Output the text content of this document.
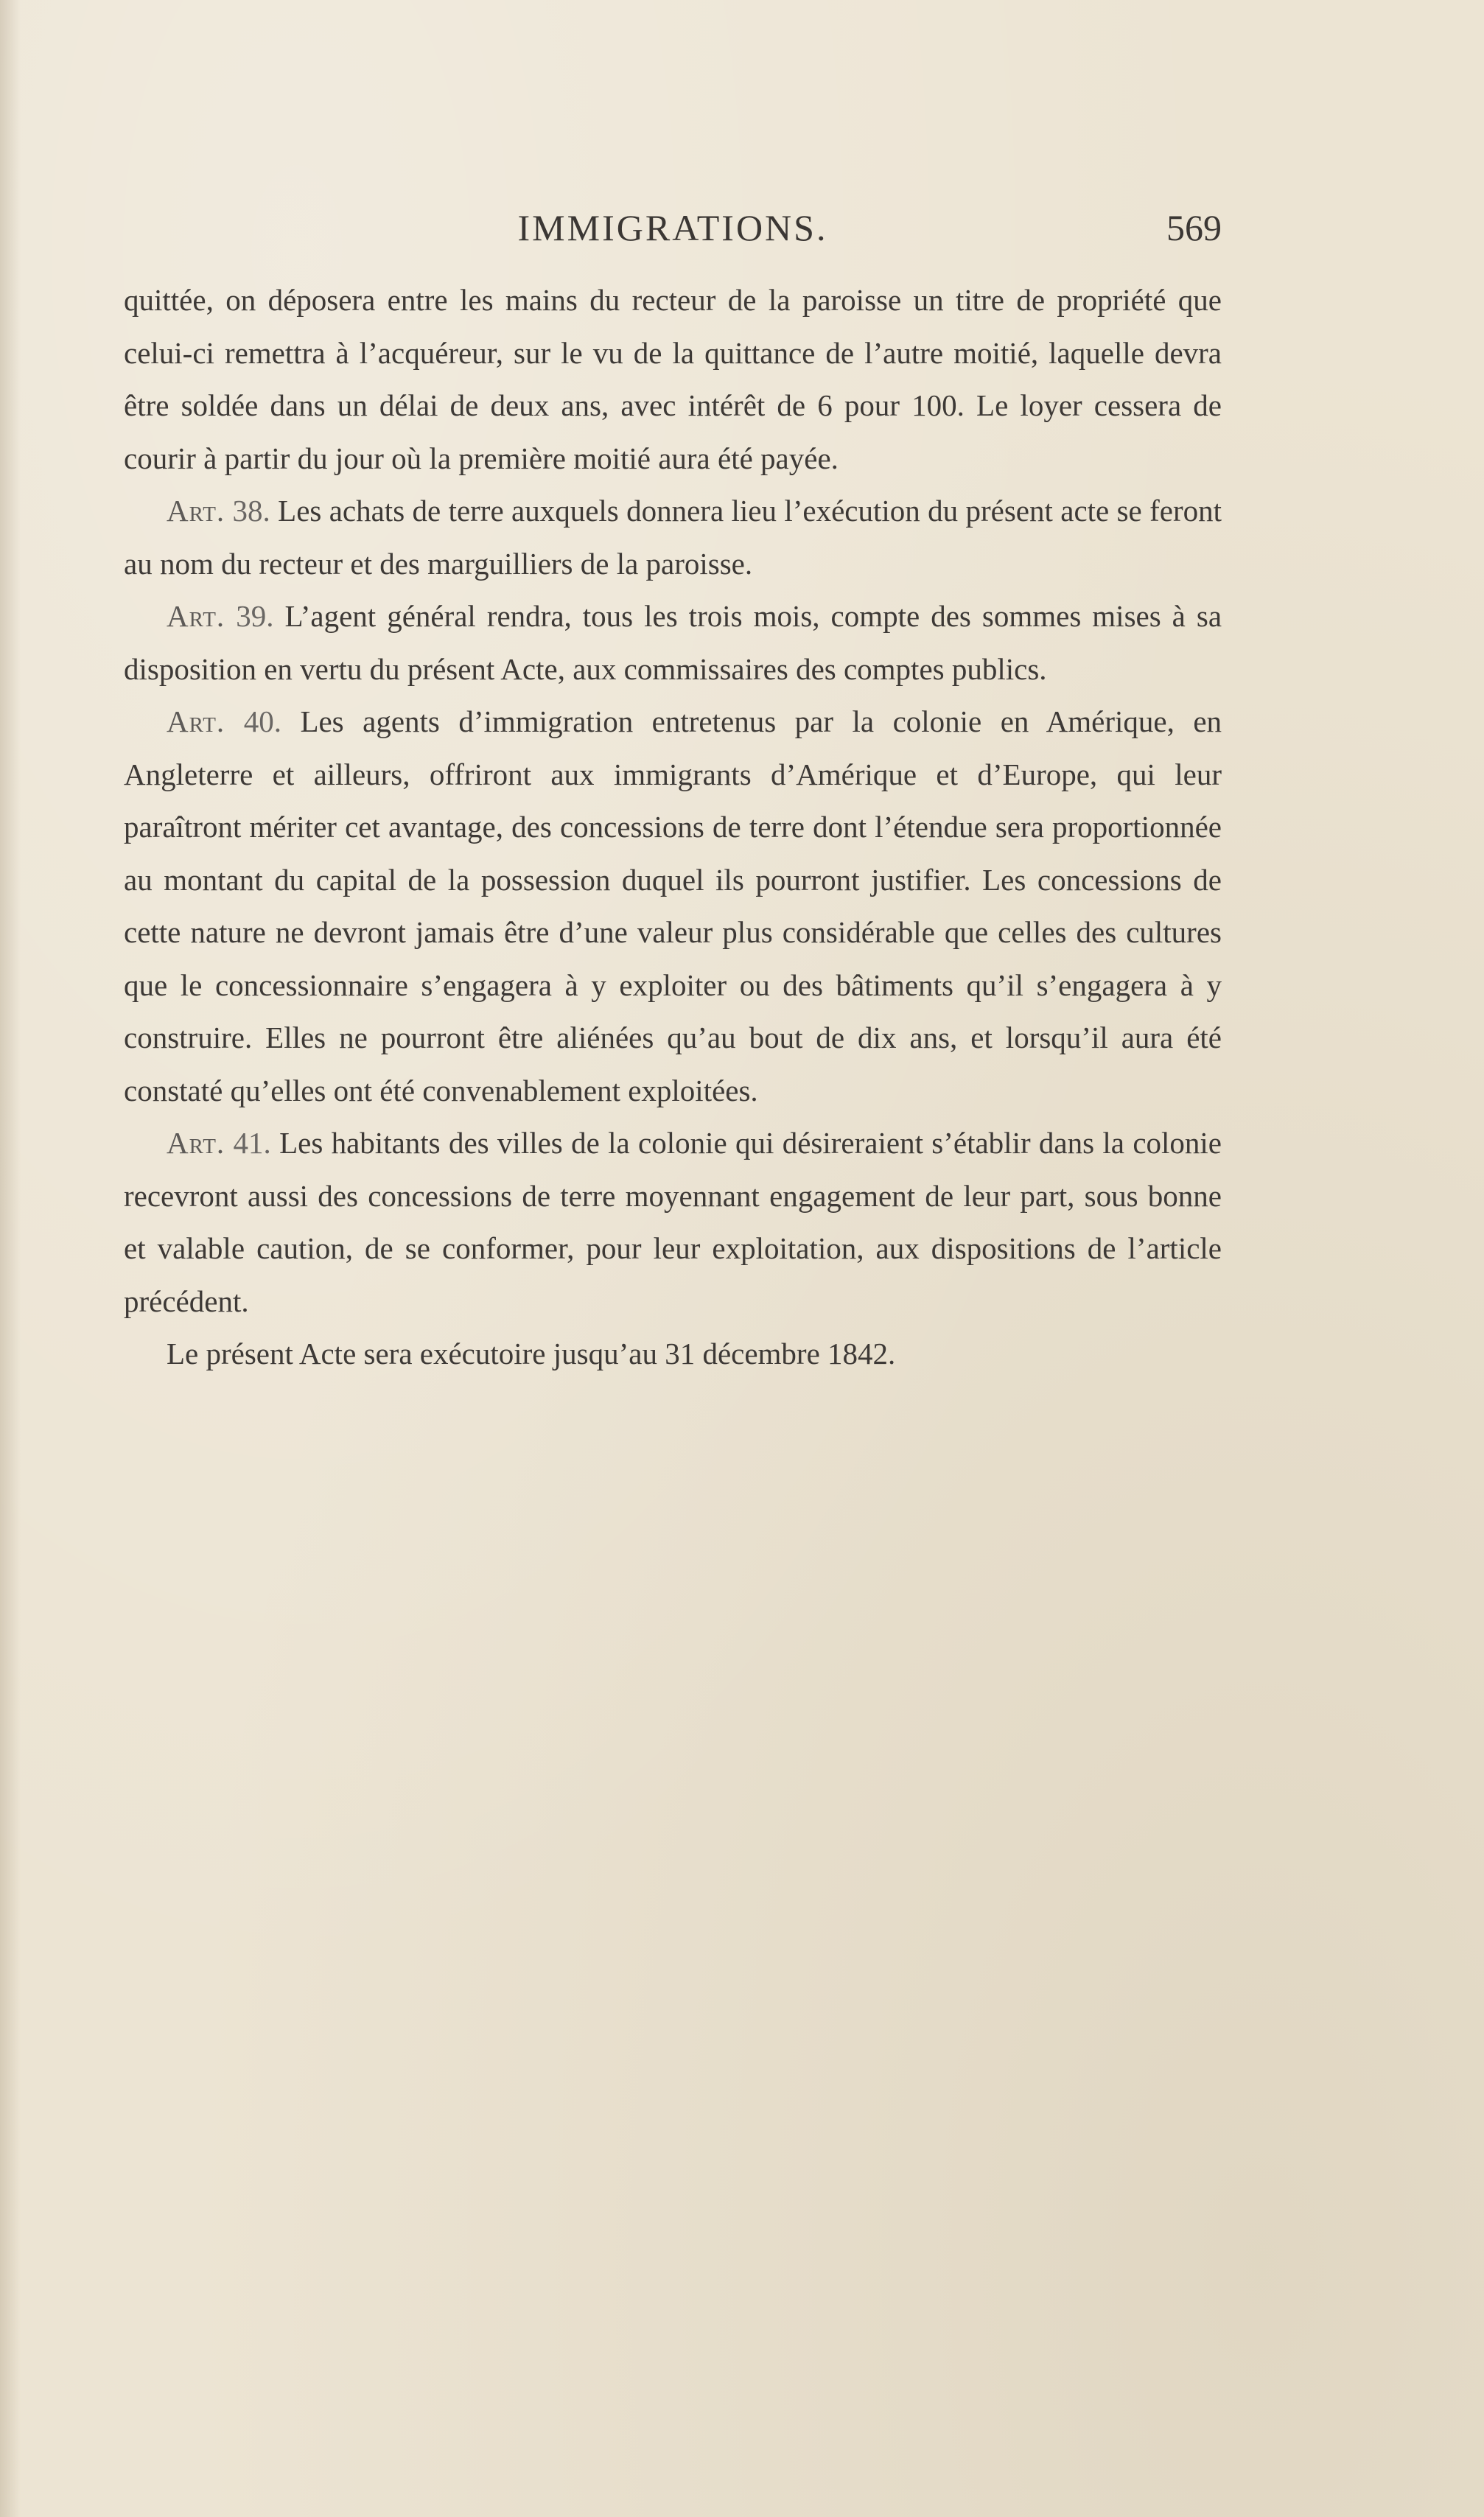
IMMIGRATIONS.	569

quittée, on déposera entre les mains du recteur de la paroisse un titre de propriété que celui-ci remettra à l’acquéreur, sur le vu de la quittance de l’autre moitié, laquelle devra être soldée dans un délai de deux ans, avec intérêt de 6 pour 100. Le loyer cessera de courir à partir du jour où la première moitié aura été payée.

Art. 38. Les achats de terre auxquels donnera lieu l’exécution du présent acte se feront au nom du recteur et des marguilliers de la paroisse.

Art. 39. L’agent général rendra, tous les trois mois, compte des sommes mises à sa disposition en vertu du présent Acte, aux commissaires des comptes publics.

Art. 40. Les agents d’immigration entretenus par la colonie en Amérique, en Angleterre et ailleurs, offriront aux immigrants d’Amérique et d’Europe, qui leur paraîtront mériter cet avantage, des concessions de terre dont l’étendue sera proportionnée au montant du capital de la possession duquel ils pourront justifier. Les concessions de cette nature ne devront jamais être d’une valeur plus considérable que celles des cultures que le concessionnaire s’engagera à y exploiter ou des bâtiments qu’il s’engagera à y construire. Elles ne pourront être aliénées qu’au bout de dix ans, et lorsqu’il aura été constaté qu’elles ont été convenablement exploitées.

Art. 41. Les habitants des villes de la colonie qui désireraient s’établir dans la colonie recevront aussi des concessions de terre moyennant engagement de leur part, sous bonne et valable caution, de se conformer, pour leur exploitation, aux dispositions de l’article précédent.

Le présent Acte sera exécutoire jusqu’au 31 décembre 1842.
